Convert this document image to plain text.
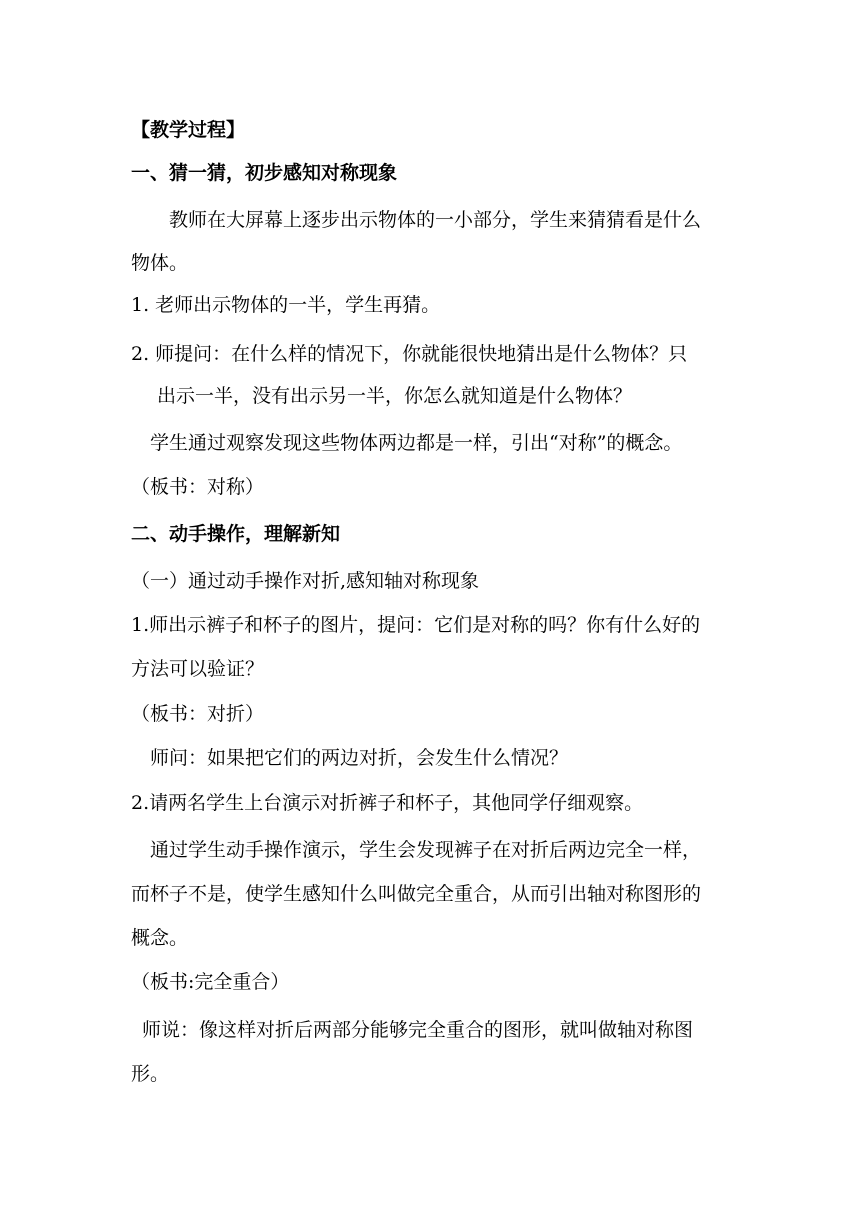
【教学过程】
一、猜一猜，初步感知对称现象
教师在大屏幕上逐步出示物体的一小部分，学生来猜猜看是什么
物体。
1. 老师出示物体的一半，学生再猜。
2. 师提问：在什么样的情况下，你就能很快地猜出是什么物体？只
出示一半，没有出示另一半，你怎么就知道是什么物体？
学生通过观察发现这些物体两边都是一样，引出“对称”的概念。
（板书：对称）
二、动手操作，理解新知
（一）通过动手操作对折,感知轴对称现象
1.师出示裤子和杯子的图片，提问：它们是对称的吗？你有什么好的
方法可以验证？
（板书：对折）
师问：如果把它们的两边对折，会发生什么情况？
2.请两名学生上台演示对折裤子和杯子，其他同学仔细观察。
通过学生动手操作演示，学生会发现裤子在对折后两边完全一样，
而杯子不是，使学生感知什么叫做完全重合，从而引出轴对称图形的
概念。
（板书:完全重合）
师说：像这样对折后两部分能够完全重合的图形，就叫做轴对称图
形。
